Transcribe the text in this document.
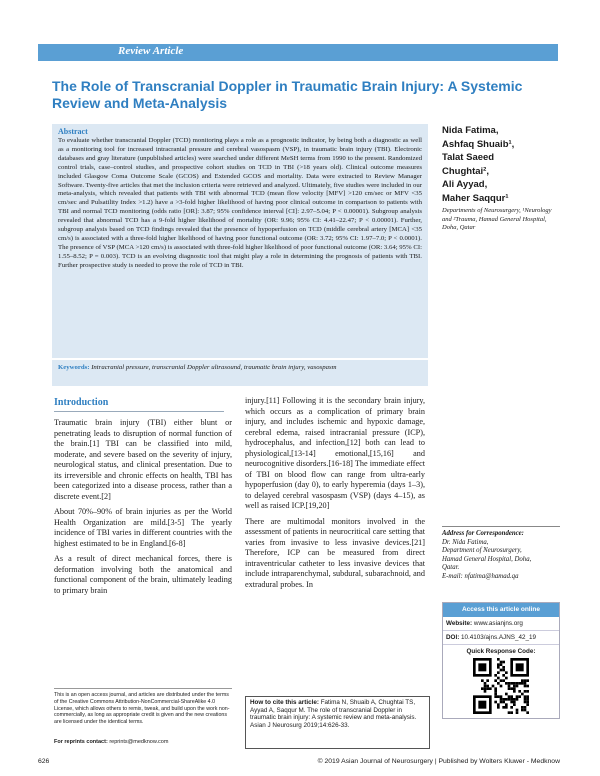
Review Article
The Role of Transcranial Doppler in Traumatic Brain Injury: A Systemic Review and Meta-Analysis
Abstract
To evaluate whether transcranial Doppler (TCD) monitoring plays a role as a prognostic indicator, by being both a diagnostic as well as a monitoring tool for increased intracranial pressure and cerebral vasospasm (VSP), in traumatic brain injury (TBI). Electronic databases and gray literature (unpublished articles) were searched under different MeSH terms from 1990 to the present. Randomized control trials, case–control studies, and prospective cohort studies on TCD in TBI (>18 years old). Clinical outcome measures included Glasgow Coma Outcome Scale (GCOS) and Extended GCOS and mortality. Data were extracted to Review Manager Software. Twenty-five articles that met the inclusion criteria were retrieved and analyzed. Ultimately, five studies were included in our meta-analysis, which revealed that patients with TBI with abnormal TCD (mean flow velocity [MFV] >120 cm/sec or MFV <35 cm/sec and Pulsatility Index >1.2) have a >3-fold higher likelihood of having poor clinical outcome in comparison to patients with TBI and normal TCD monitoring (odds ratio [OR]: 3.87; 95% confidence interval [CI]: 2.97–5.04; P < 0.00001). Subgroup analysis revealed that abnormal TCD has a 9-fold higher likelihood of mortality (OR: 9.96; 95% CI: 4.41–22.47; P < 0.00001). Further, subgroup analysis based on TCD findings revealed that the presence of hypoperfusion on TCD (middle cerebral artery [MCA] <35 cm/s) is associated with a three-fold higher likelihood of having poor functional outcome (OR: 3.72; 95% CI: 1.97–7.0; P < 0.0001). The presence of VSP (MCA >120 cm/s) is associated with three-fold higher likelihood of poor functional outcome (OR: 3.64; 95% CI: 1.55–8.52; P = 0.003). TCD is an evolving diagnostic tool that might play a role in determining the prognosis of patients with TBI. Further prospective study is needed to prove the role of TCD in TBI.
Keywords: Intracranial pressure, transcranial Doppler ultrasound, traumatic brain injury, vasospasm
Nida Fatima,
Ashfaq Shuaib¹,
Talat Saeed
Chughtai²,
Ali Ayyad,
Maher Saqqur¹
Departments of Neurosurgery, ¹Neurology and ²Trauma, Hamad General Hospital, Doha, Qatar
Introduction

Traumatic brain injury (TBI) either blunt or penetrating leads to disruption of normal function of the brain.[1] TBI can be classified into mild, moderate, and severe based on the severity of injury, neurological status, and clinical presentation. Due to its irreversible and chronic effects on health, TBI has been categorized into a disease process, rather than a discrete event.[2]

About 70%–90% of brain injuries as per the World Health Organization are mild.[3-5] The yearly incidence of TBI varies in different countries with the highest estimated to be in England.[6-8]

As a result of direct mechanical forces, there is deformation involving both the anatomical and functional component of the brain, ultimately leading to primary brain

injury.[11] Following it is the secondary brain injury, which occurs as a complication of primary brain injury, and includes ischemic and hypoxic damage, cerebral edema, raised intracranial pressure (ICP), hydrocephalus, and infection,[12] both can lead to physiological,[13-14] emotional,[15,16] and neurocognitive disorders.[16-18] The immediate effect of TBI on blood flow can range from ultra-early hypoperfusion (day 0), to early hyperemia (days 1–3), to delayed cerebral vasospasm (VSP) (days 4–15), as well as raised ICP.[19,20]

There are multimodal monitors involved in the assessment of patients in neurocritical care setting that varies from invasive to less invasive devices.[21] Therefore, ICP can be measured from direct intraventricular catheter to less invasive devices that include intraparenchymal, subdural, subarachnoid, and extradural probes. In

This is an open access journal, and articles are distributed under the terms of the Creative Commons Attribution-NonCommercial-ShareAlike 4.0 License, which allows others to remix, tweak, and build upon the work non-commercially, as long as appropriate credit is given and the new creations are licensed under the identical terms.
For reprints contact: reprints@medknow.com
How to cite this article: Fatima N, Shuaib A, Chughtai TS, Ayyad A, Saqqur M. The role of transcranial Doppler in traumatic brain injury: A systemic review and meta-analysis. Asian J Neurosurg 2019;14:626-33.
Address for Correspondence:
Dr. Nida Fatima,
Department of Neurosurgery,
Hamad General Hospital, Doha,
Qatar.
E-mail: nfatima@hamad.qa
Access this article online
Website: www.asianjns.org
DOI: 10.4103/ajns.AJNS_42_19
Quick Response Code:
626	© 2019 Asian Journal of Neurosurgery | Published by Wolters Kluwer - Medknow
